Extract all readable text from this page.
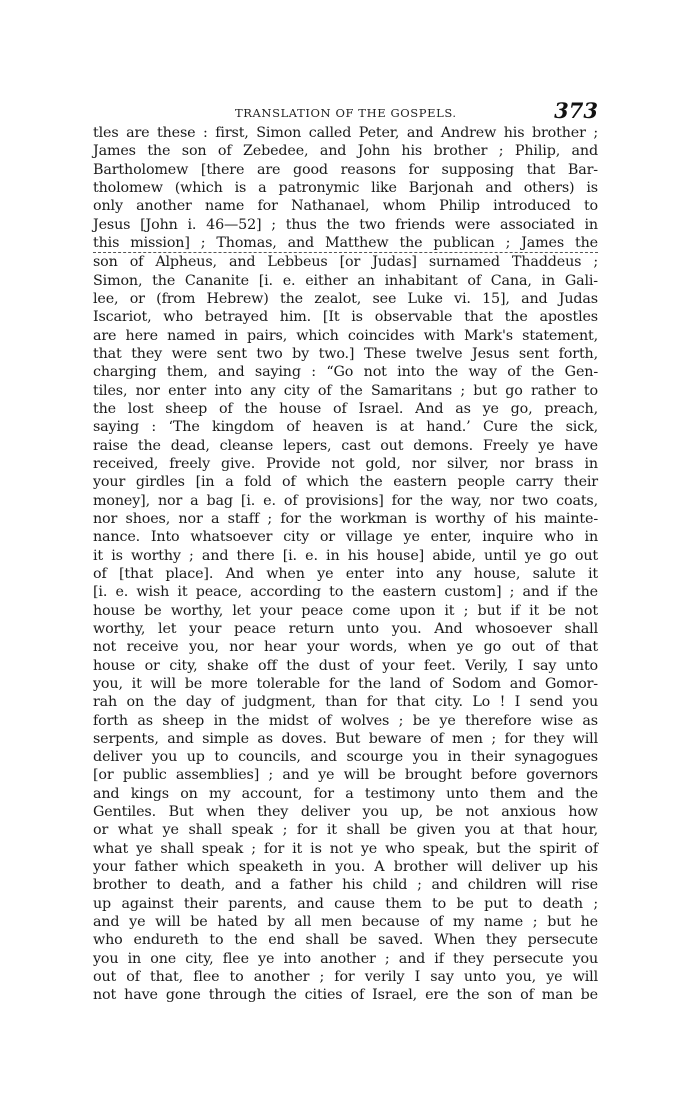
TRANSLATION OF THE GOSPELS.	373
tles are these : first, Simon called Peter, and Andrew his brother ;
James the son of Zebedee, and John his brother ; Philip, and
Bartholomew [there are good reasons for supposing that Bar-
tholomew (which is a patronymic like Barjonah and others) is
only another name for Nathanael, whom Philip introduced to
Jesus [John i. 46—52] ; thus the two friends were associated in
this mission] ; Thomas, and Matthew the publican ; James the
son of Alpheus, and Lebbeus [or Judas] surnamed Thaddeus ;
Simon, the Cananite [i. e. either an inhabitant of Cana, in Gali-
lee, or (from Hebrew) the zealot, see Luke vi. 15], and Judas
Iscariot, who betrayed him. [It is observable that the apostles
are here named in pairs, which coincides with Mark's statement,
that they were sent two by two.] These twelve Jesus sent forth,
charging them, and saying : “Go not into the way of the Gen-
tiles, nor enter into any city of the Samaritans ; but go rather to
the lost sheep of the house of Israel. And as ye go, preach,
saying : ‘The kingdom of heaven is at hand.’ Cure the sick,
raise the dead, cleanse lepers, cast out demons. Freely ye have
received, freely give. Provide not gold, nor silver, nor brass in
your girdles [in a fold of which the eastern people carry their
money], nor a bag [i. e. of provisions] for the way, nor two coats,
nor shoes, nor a staff ; for the workman is worthy of his mainte-
nance. Into whatsoever city or village ye enter, inquire who in
it is worthy ; and there [i. e. in his house] abide, until ye go out
of [that place]. And when ye enter into any house, salute it
[i. e. wish it peace, according to the eastern custom] ; and if the
house be worthy, let your peace come upon it ; but if it be not
worthy, let your peace return unto you. And whosoever shall
not receive you, nor hear your words, when ye go out of that
house or city, shake off the dust of your feet. Verily, I say unto
you, it will be more tolerable for the land of Sodom and Gomor-
rah on the day of judgment, than for that city. Lo ! I send you
forth as sheep in the midst of wolves ; be ye therefore wise as
serpents, and simple as doves. But beware of men ; for they will
deliver you up to councils, and scourge you in their synagogues
[or public assemblies] ; and ye will be brought before governors
and kings on my account, for a testimony unto them and the
Gentiles. But when they deliver you up, be not anxious how
or what ye shall speak ; for it shall be given you at that hour,
what ye shall speak ; for it is not ye who speak, but the spirit of
your father which speaketh in you. A brother will deliver up his
brother to death, and a father his child ; and children will rise
up against their parents, and cause them to be put to death ;
and ye will be hated by all men because of my name ; but he
who endureth to the end shall be saved. When they persecute
you in one city, flee ye into another ; and if they persecute you
out of that, flee to another ; for verily I say unto you, ye will
not have gone through the cities of Israel, ere the son of man be
